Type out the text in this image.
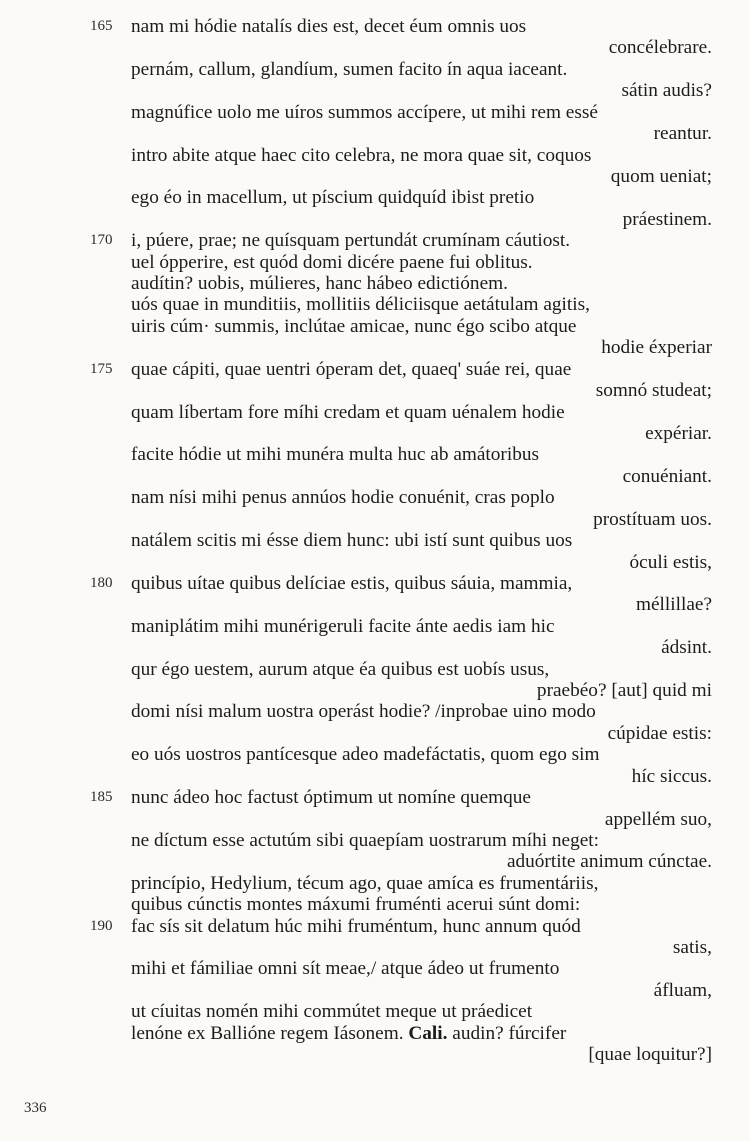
165 nam mi hódie natalís dies est, decet éum omnis uos
concélebrare.
pernám, callum, glandíum, sumen facito ín aqua iaceant.
sátin audis?
magnúfice uolo me uíros summos accípere, ut mihi rem essé
reantur.
intro abite atque haec cito celebra, ne mora quae sit, coquos
quom ueniat;
ego éo in macellum, ut píscium quidquíd ibist pretio
práestinem.
170 i, púere, prae; ne quísquam pertundát crumínam cáutiost.
uel ópperire, est quód domi dicére paene fui oblitus.
audítin? uobis, múlieres, hanc hábeo edictiónem.
uós quae in munditiis, mollitiis déliciisque aetátulam agitis,
uiris cúm· summis, inclútae amicae, nunc égo scibo atque
hodie éxperiar
175 quae cápiti, quae uentri óperam det, quaeq' suáe rei, quae
somnó studeat;
quam líbertam fore míhi credam et quam uénalem hodie
expériar.
facite hódie ut mihi munéra multa huc ab amátoribus
conuéniant.
nam nísi mihi penus annúos hodie conuénit, cras poplo
prostítuam uos.
natálem scitis mi ésse diem hunc: ubi istí sunt quibus uos
óculi estis,
180 quibus uítae quibus delíciae estis, quibus sáuia, mammia,
méllillae?
maniplátim mihi munérigeruli facite ánte aedis iam hic
ádsint.
qur égo uestem, aurum atque éa quibus est uobís usus,
praebéo? [aut] quid mi
domi nísi malum uostra operást hodie? /inprobae uino modo
cúpidae estis:
eo uós uostros pantícesque adeo madefáctatis, quom ego sim
híc siccus.
185 nunc ádeo hoc factust óptimum ut nomíne quemque
appellém suo,
ne díctum esse actutúm sibi quaepíam uostrarum míhi neget:
aduórtite animum cúnctae.
princípio, Hedylium, técum ago, quae amíca es frumentáriis,
quibus cúnctis montes máxumi fruménti acerui súnt domi:
190 fac sís sit delatum húc mihi fruméntum, hunc annum quód
satis,
mihi et fámiliae omni sít meae,/ atque ádeo ut frumento
áfluam,
ut cíuitas nomén mihi commútet meque ut práedicet
lenóne ex Ballióne regem Iásonem. Cali. audin? fúrcifer
[quae loquitur?]
336
